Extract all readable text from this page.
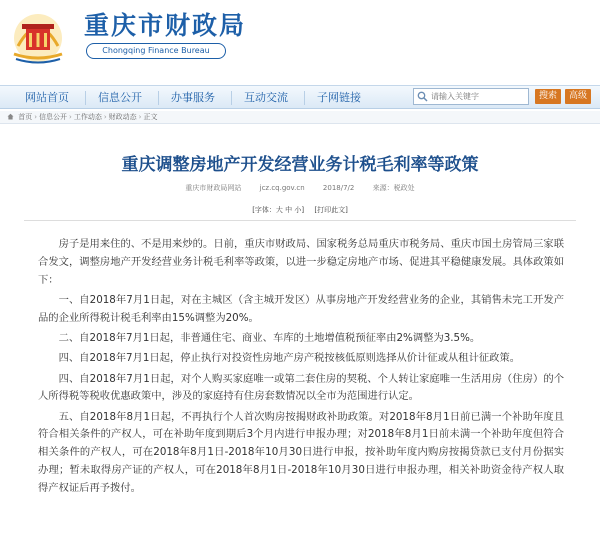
重庆市财政局
Chongqing Finance Bureau
网站首页	信息公开	办事服务	互动交流	子网链接
请输入关键字	搜索	高级
首页 › 信息公开 › 工作动态 › 财政动态 › 正文
重庆调整房地产开发经营业务计税毛利率等政策
重庆市财政局网站	jcz.cq.gov.cn	2018/7/2	来源：税政处
[字体：大 中 小] [打印此文]

房子是用来住的、不是用来炒的。日前，重庆市财政局、国家税务总局重庆市税务局、重庆市国土房管局三家联合发文，调整房地产开发经营业务计税毛利率等政策，以进一步稳定房地产市场、促进其平稳健康发展。具体政策如下：

一、自2018年7月1日起，对在主城区（含主城开发区）从事房地产开发经营业务的企业，其销售未完工开发产品的企业所得税计税毛利率由15%调整为20%。

二、自2018年7月1日起，非普通住宅、商业、车库的土地增值税预征率由2%调整为3.5%。

四、自2018年7月1日起，停止执行对投资性房地产房产税按核低原则选择从价计征或从租计征政策。

四、自2018年7月1日起，对个人购买家庭唯一或第二套住房的契税、个人转让家庭唯一生活用房（住房）的个人所得税等税收优惠政策中，涉及的家庭持有住房套数情况以全市为范围进行认定。

五、自2018年8月1日起，不再执行个人首次购房按揭财政补助政策。对2018年8月1日前已满一个补助年度且符合相关条件的产权人，可在补助年度到期后3个月内进行申报办理；对2018年8月1日前未满一个补助年度但符合相关条件的产权人，可在2018年8月1日-2018年10月30日进行申报，按补助年度内购房按揭贷款已支付月份据实办理；暂未取得房产证的产权人，可在2018年8月1日-2018年10月30日进行申报办理，相关补助资金待产权人取得产权证后再予拨付。
